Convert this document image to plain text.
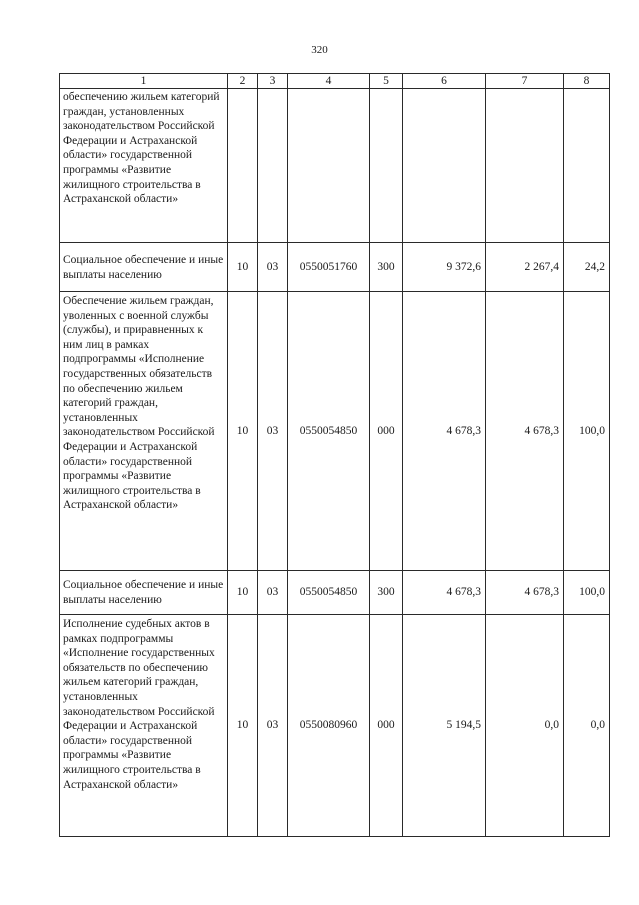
320
1	2	3	4	5	6	7	8
обеспечению жильем категорий граждан, установленных законодательством Российской Федерации и Астраханской области» государственной программы «Развитие жилищного строительства в Астраханской области»							
Социальное обеспечение и иные выплаты населению	10	03	0550051760	300	9 372,6	2 267,4	24,2
Обеспечение жильем граждан, уволенных с военной службы (службы), и приравненных к ним лиц в рамках подпрограммы «Исполнение государственных обязательств по обеспечению жильем категорий граждан, установленных законодательством Российской Федерации и Астраханской области» государственной программы «Развитие жилищного строительства в Астраханской области»	10	03	0550054850	000	4 678,3	4 678,3	100,0
Социальное обеспечение и иные выплаты населению	10	03	0550054850	300	4 678,3	4 678,3	100,0
Исполнение судебных актов в рамках подпрограммы «Исполнение государственных обязательств по обеспечению жильем категорий граждан, установленных законодательством Российской Федерации и Астраханской области» государственной программы «Развитие жилищного строительства в Астраханской области»	10	03	0550080960	000	5 194,5	0,0	0,0
